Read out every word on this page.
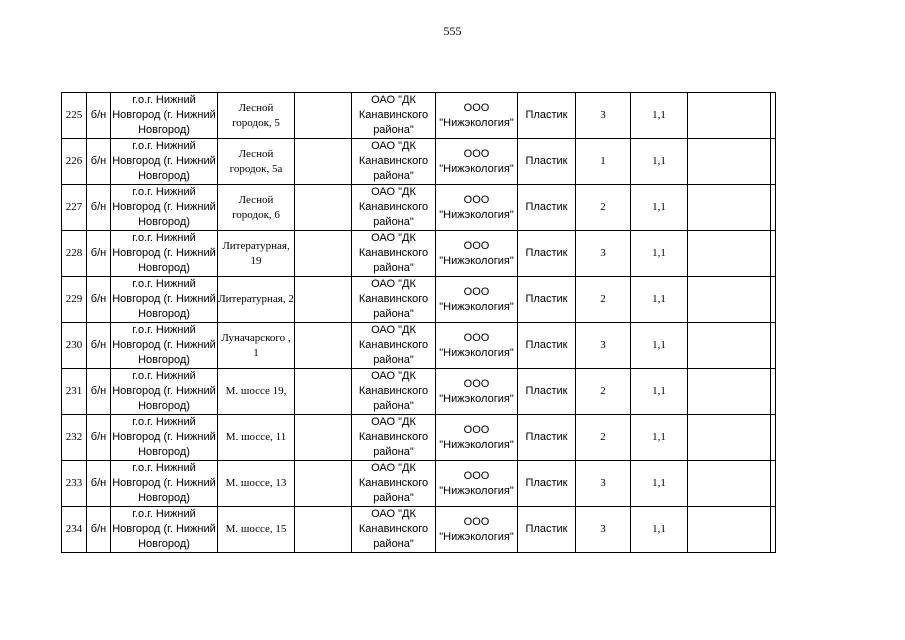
555
225	б/н	г.о.г. Нижний Новгород (г. Нижний Новгород)	Лесной городок, 5		ОАО "ДК Канавинского района"	ООО "Нижэкология"	Пластик	3	1,1		
226	б/н	г.о.г. Нижний Новгород (г. Нижний Новгород)	Лесной городок, 5а		ОАО "ДК Канавинского района"	ООО "Нижэкология"	Пластик	1	1,1		
227	б/н	г.о.г. Нижний Новгород (г. Нижний Новгород)	Лесной городок, 6		ОАО "ДК Канавинского района"	ООО "Нижэкология"	Пластик	2	1,1		
228	б/н	г.о.г. Нижний Новгород (г. Нижний Новгород)	Литературная, 19		ОАО "ДК Канавинского района"	ООО "Нижэкология"	Пластик	3	1,1		
229	б/н	г.о.г. Нижний Новгород (г. Нижний Новгород)	Литературная, 2		ОАО "ДК Канавинского района"	ООО "Нижэкология"	Пластик	2	1,1		
230	б/н	г.о.г. Нижний Новгород (г. Нижний Новгород)	Луначарского , 1		ОАО "ДК Канавинского района"	ООО "Нижэкология"	Пластик	3	1,1		
231	б/н	г.о.г. Нижний Новгород (г. Нижний Новгород)	М. шоссе 19,		ОАО "ДК Канавинского района"	ООО "Нижэкология"	Пластик	2	1,1		
232	б/н	г.о.г. Нижний Новгород (г. Нижний Новгород)	М. шоссе, 11		ОАО "ДК Канавинского района"	ООО "Нижэкология"	Пластик	2	1,1		
233	б/н	г.о.г. Нижний Новгород (г. Нижний Новгород)	М. шоссе, 13		ОАО "ДК Канавинского района"	ООО "Нижэкология"	Пластик	3	1,1		
234	б/н	г.о.г. Нижний Новгород (г. Нижний Новгород)	М. шоссе, 15		ОАО "ДК Канавинского района"	ООО "Нижэкология"	Пластик	3	1,1		
